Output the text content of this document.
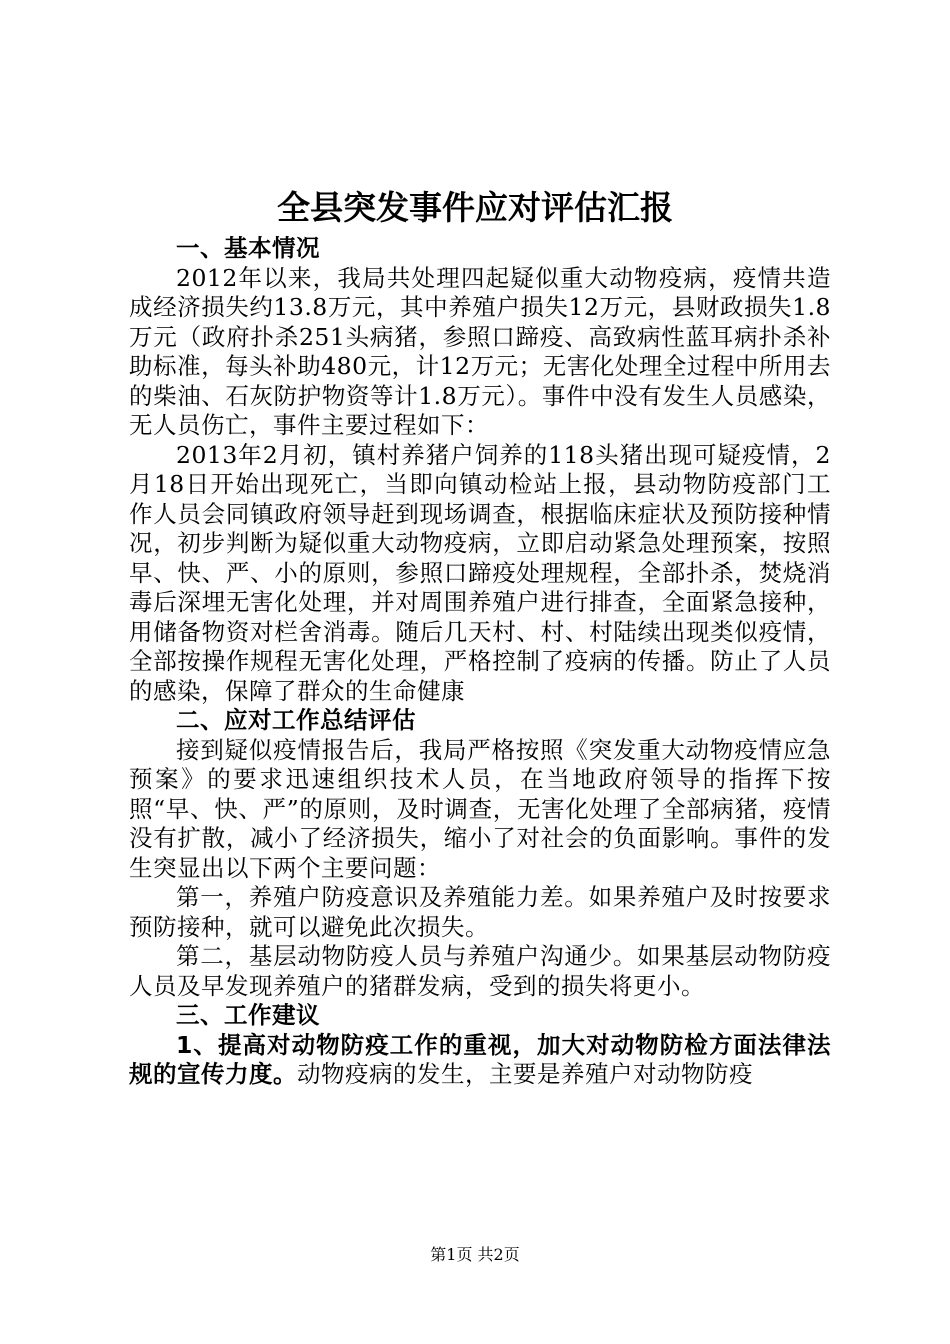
全县突发事件应对评估汇报
一、基本情况

2012年以来，我局共处理四起疑似重大动物疫病，疫情共造成经济损失约13.8万元，其中养殖户损失12万元，县财政损失1.8万元（政府扑杀251头病猪，参照口蹄疫、高致病性蓝耳病扑杀补助标准，每头补助480元，计12万元；无害化处理全过程中所用去的柴油、石灰防护物资等计1.8万元）。事件中没有发生人员感染，无人员伤亡，事件主要过程如下：

2013年2月初，镇村养猪户饲养的118头猪出现可疑疫情，2月18日开始出现死亡，当即向镇动检站上报，县动物防疫部门工作人员会同镇政府领导赶到现场调查，根据临床症状及预防接种情况，初步判断为疑似重大动物疫病，立即启动紧急处理预案，按照早、快、严、小的原则，参照口蹄疫处理规程，全部扑杀，焚烧消毒后深埋无害化处理，并对周围养殖户进行排查，全面紧急接种，用储备物资对栏舍消毒。随后几天村、村、村陆续出现类似疫情，全部按操作规程无害化处理，严格控制了疫病的传播。防止了人员的感染，保障了群众的生命健康

二、应对工作总结评估

接到疑似疫情报告后，我局严格按照《突发重大动物疫情应急预案》的要求迅速组织技术人员，在当地政府领导的指挥下按照“早、快、严”的原则，及时调查，无害化处理了全部病猪，疫情没有扩散，减小了经济损失，缩小了对社会的负面影响。事件的发生突显出以下两个主要问题：

第一，养殖户防疫意识及养殖能力差。如果养殖户及时按要求预防接种，就可以避免此次损失。

第二，基层动物防疫人员与养殖户沟通少。如果基层动物防疫人员及早发现养殖户的猪群发病，受到的损失将更小。

三、工作建议

1、提高对动物防疫工作的重视，加大对动物防检方面法律法规的宣传力度。动物疫病的发生，主要是养殖户对动物防疫

第1页 共2页
